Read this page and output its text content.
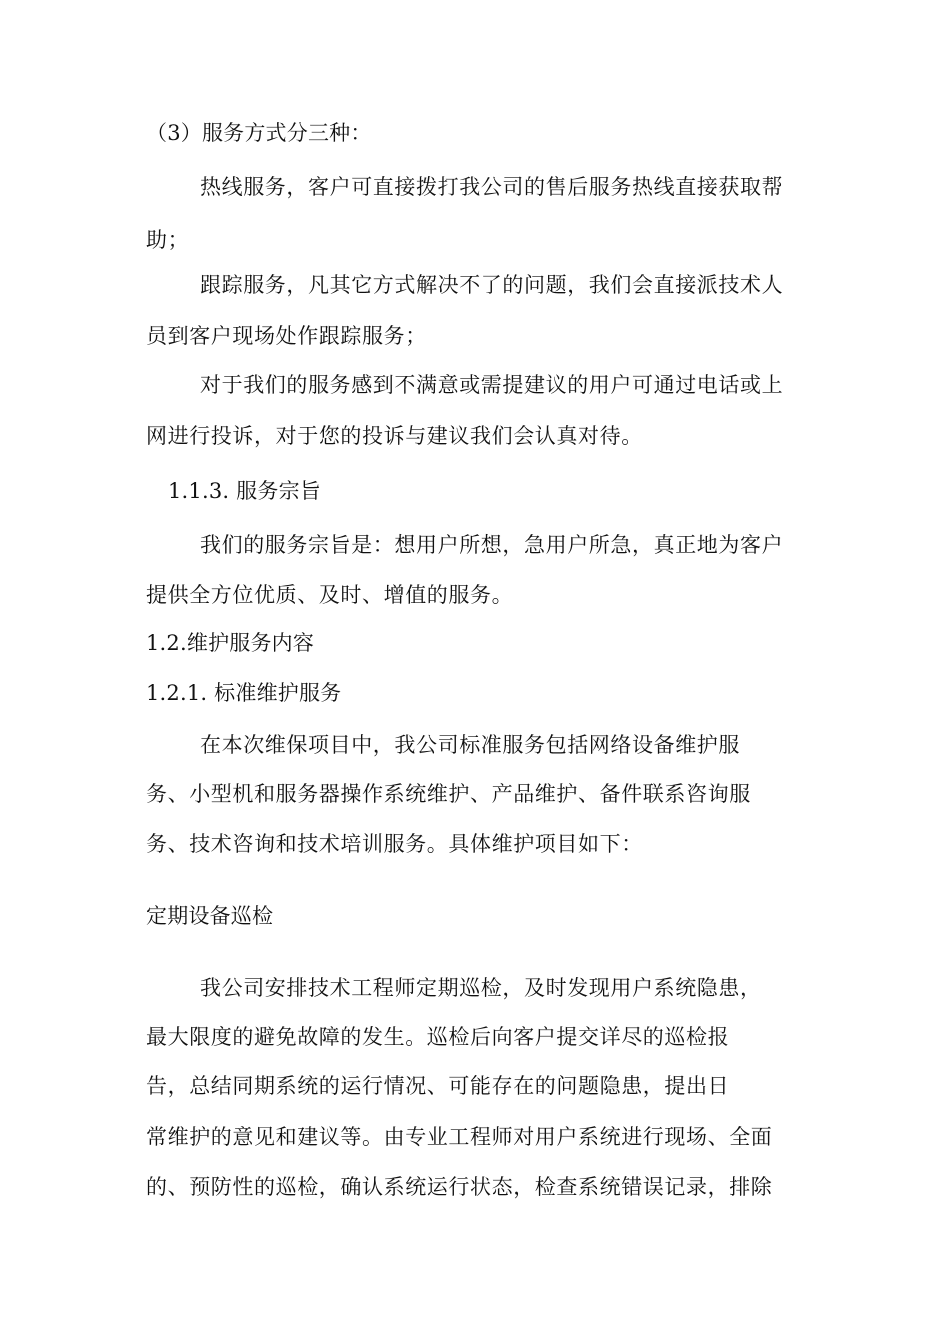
（3）服务方式分三种：
热线服务，客户可直接拨打我公司的售后服务热线直接获取帮
助；
跟踪服务，凡其它方式解决不了的问题，我们会直接派技术人
员到客户现场处作跟踪服务；
对于我们的服务感到不满意或需提建议的用户可通过电话或上
网进行投诉，对于您的投诉与建议我们会认真对待。
1.1.3. 服务宗旨
我们的服务宗旨是：想用户所想，急用户所急，真正地为客户
提供全方位优质、及时、增值的服务。
1.2.维护服务内容
1.2.1. 标准维护服务
在本次维保项目中，我公司标准服务包括网络设备维护服
务、小型机和服务器操作系统维护、产品维护、备件联系咨询服
务、技术咨询和技术培训服务。具体维护项目如下：
定期设备巡检
我公司安排技术工程师定期巡检，及时发现用户系统隐患，
最大限度的避免故障的发生。巡检后向客户提交详尽的巡检报
告，总结同期系统的运行情况、可能存在的问题隐患，提出日
常维护的意见和建议等。由专业工程师对用户系统进行现场、全面
的、预防性的巡检，确认系统运行状态，检查系统错误记录，排除
